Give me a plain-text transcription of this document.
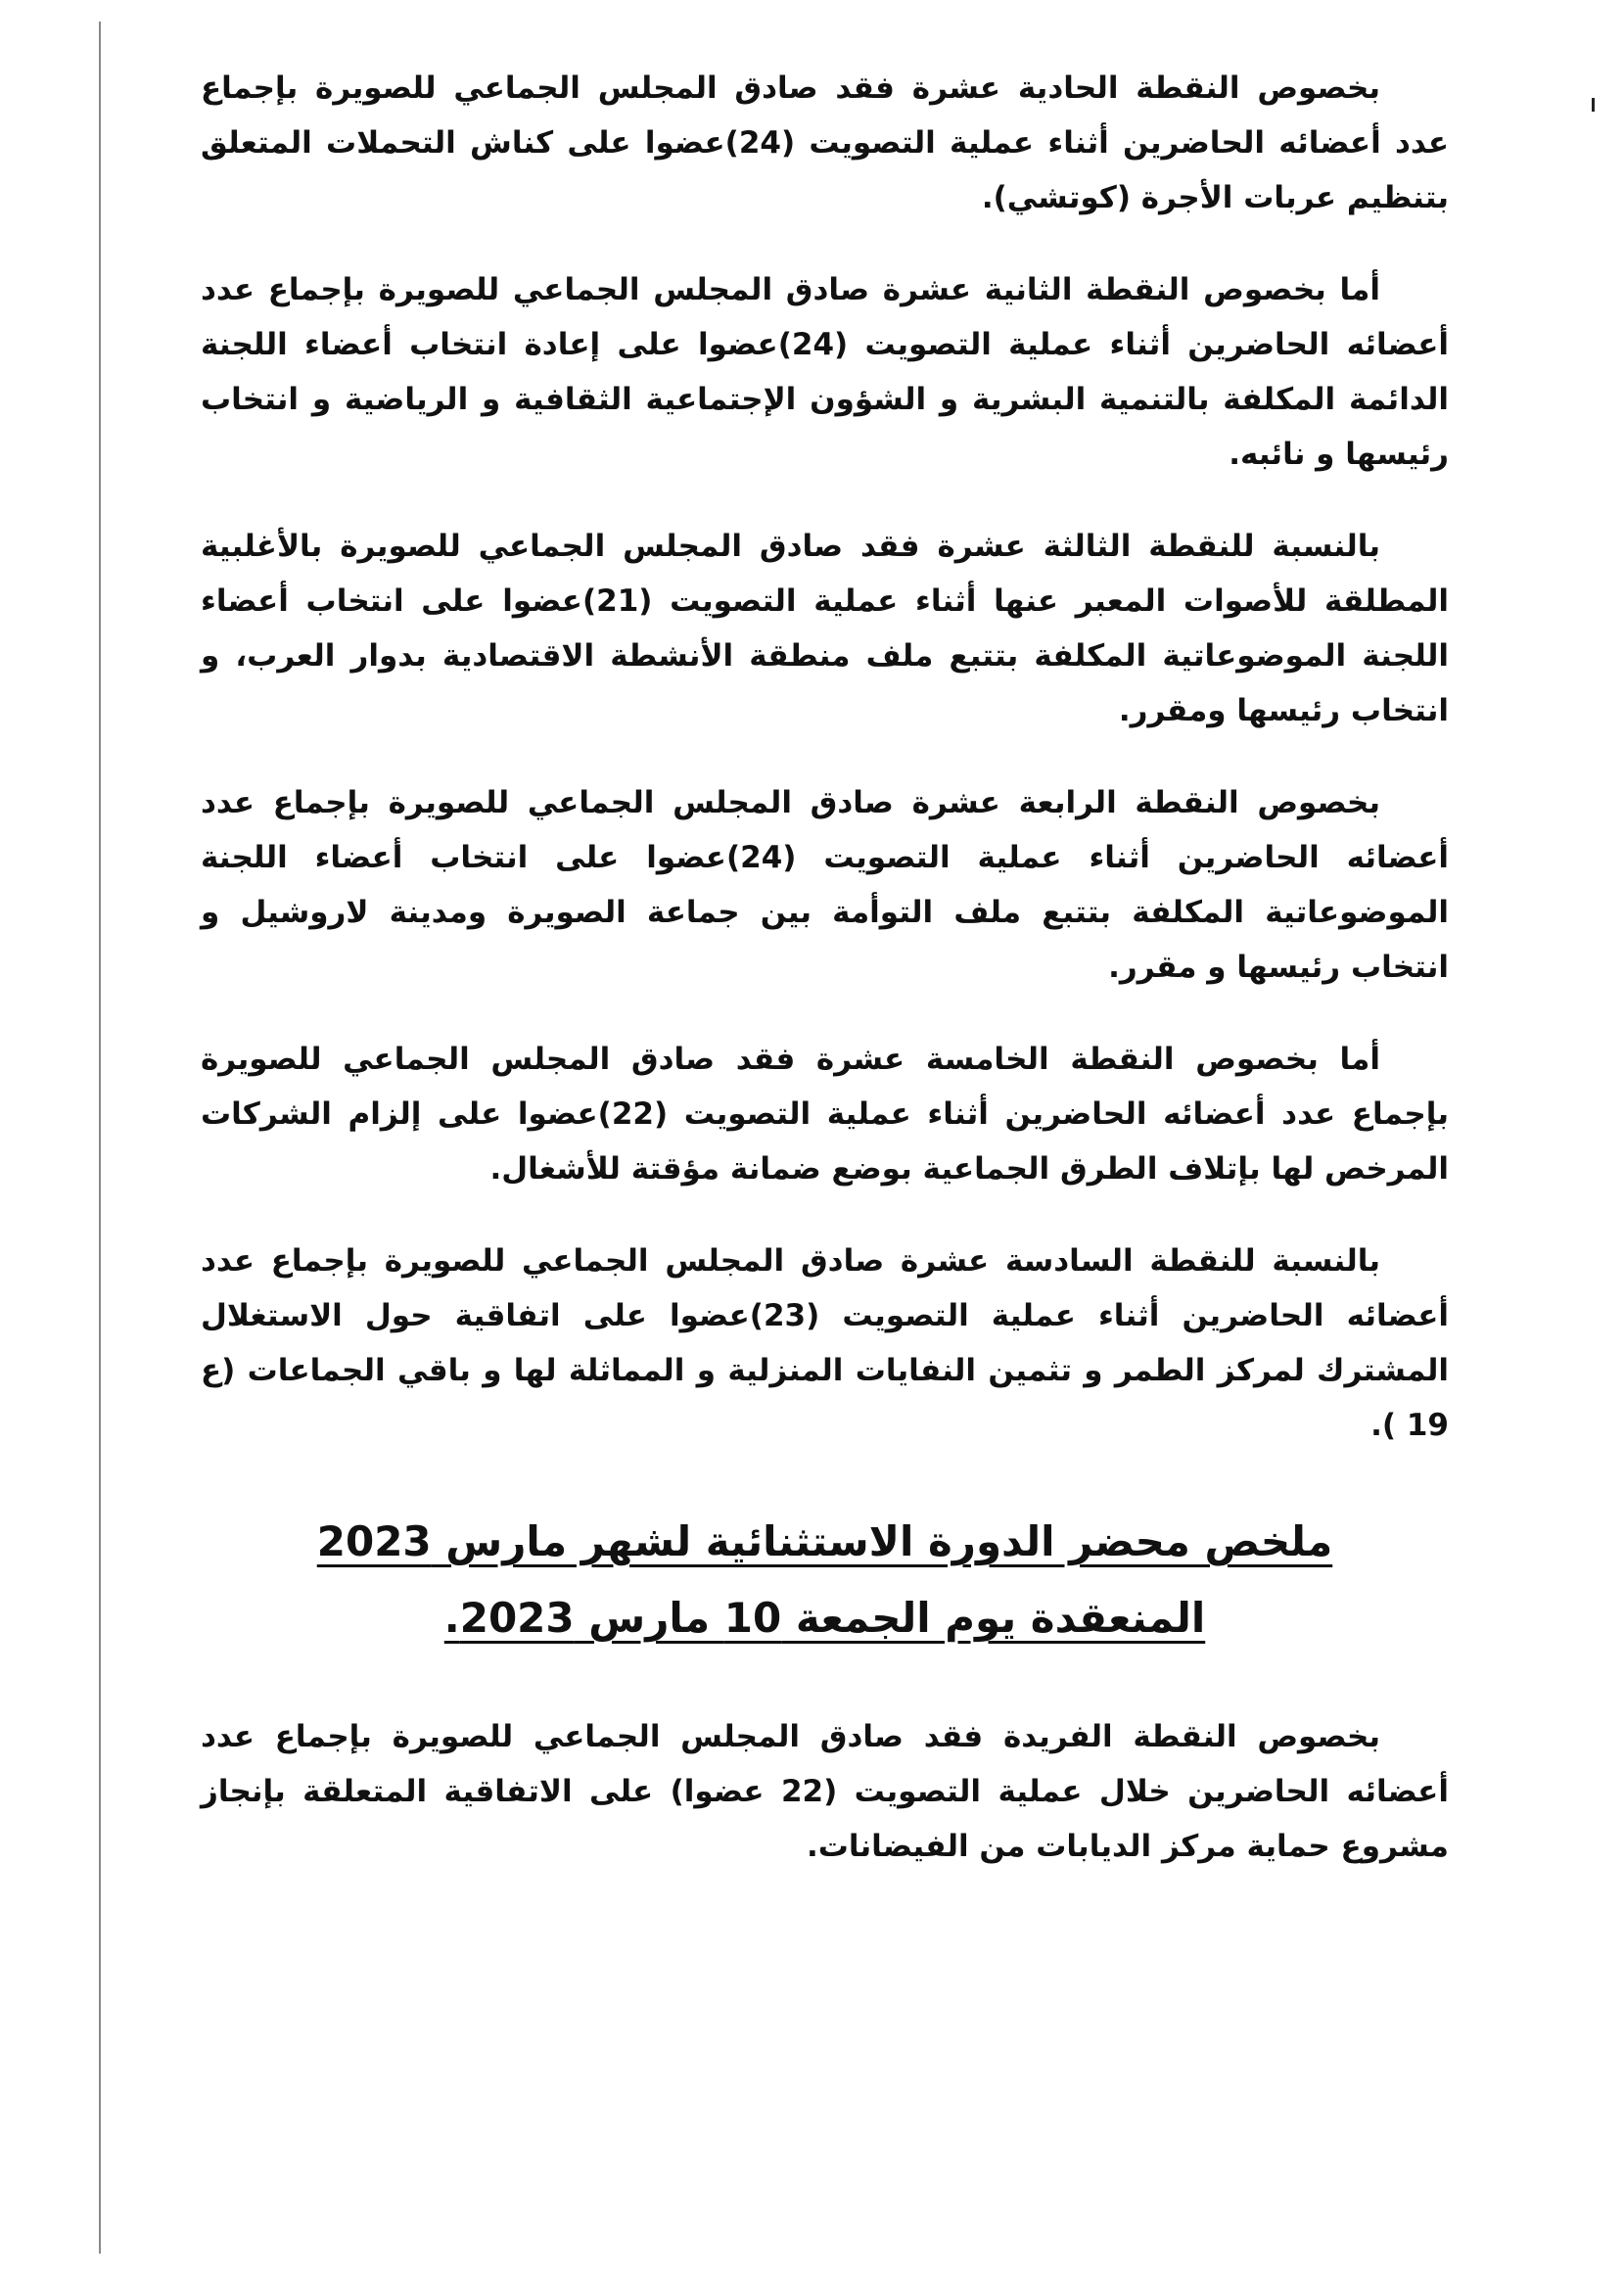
بخصوص النقطة الحادية عشرة فقد صادق المجلس الجماعي للصويرة بإجماع عدد أعضائه الحاضرين أثناء عملية التصويت (24)عضوا على كناش التحملات المتعلق بتنظيم عربات الأجرة (كوتشي).

أما بخصوص النقطة الثانية عشرة صادق المجلس الجماعي للصويرة بإجماع عدد أعضائه الحاضرين أثناء عملية التصويت (24)عضوا على إعادة انتخاب أعضاء اللجنة الدائمة المكلفة بالتنمية البشرية و الشؤون الإجتماعية الثقافية و الرياضية و انتخاب رئيسها و نائبه.

بالنسبة للنقطة الثالثة عشرة فقد صادق المجلس الجماعي للصويرة بالأغلبية المطلقة للأصوات المعبر عنها أثناء عملية التصويت (21)عضوا على انتخاب أعضاء اللجنة الموضوعاتية المكلفة بتتبع ملف منطقة الأنشطة الاقتصادية بدوار العرب، و انتخاب رئيسها ومقرر.

بخصوص النقطة الرابعة عشرة صادق المجلس الجماعي للصويرة بإجماع عدد أعضائه الحاضرين أثناء عملية التصويت (24)عضوا على انتخاب أعضاء اللجنة الموضوعاتية المكلفة بتتبع ملف التوأمة بين جماعة الصويرة ومدينة لاروشيل و انتخاب رئيسها و مقرر.

أما بخصوص النقطة الخامسة عشرة فقد صادق المجلس الجماعي للصويرة بإجماع عدد أعضائه الحاضرين أثناء عملية التصويت (22)عضوا على إلزام الشركات المرخص لها بإتلاف الطرق الجماعية بوضع ضمانة مؤقتة للأشغال.

بالنسبة للنقطة السادسة عشرة صادق المجلس الجماعي للصويرة بإجماع عدد أعضائه الحاضرين أثناء عملية التصويت (23)عضوا على اتفاقية حول الاستغلال المشترك لمركز الطمر و تثمين النفايات المنزلية و المماثلة لها و باقي الجماعات (ع 19 ).

ملخص محضر الدورة الاستثنائية لشهر مارس 2023
المنعقدة يوم الجمعة 10 مارس 2023.

بخصوص النقطة الفريدة فقد صادق المجلس الجماعي للصويرة بإجماع عدد أعضائه الحاضرين خلال عملية التصويت (22 عضوا) على الاتفاقية المتعلقة بإنجاز مشروع حماية مركز الديابات من الفيضانات.
